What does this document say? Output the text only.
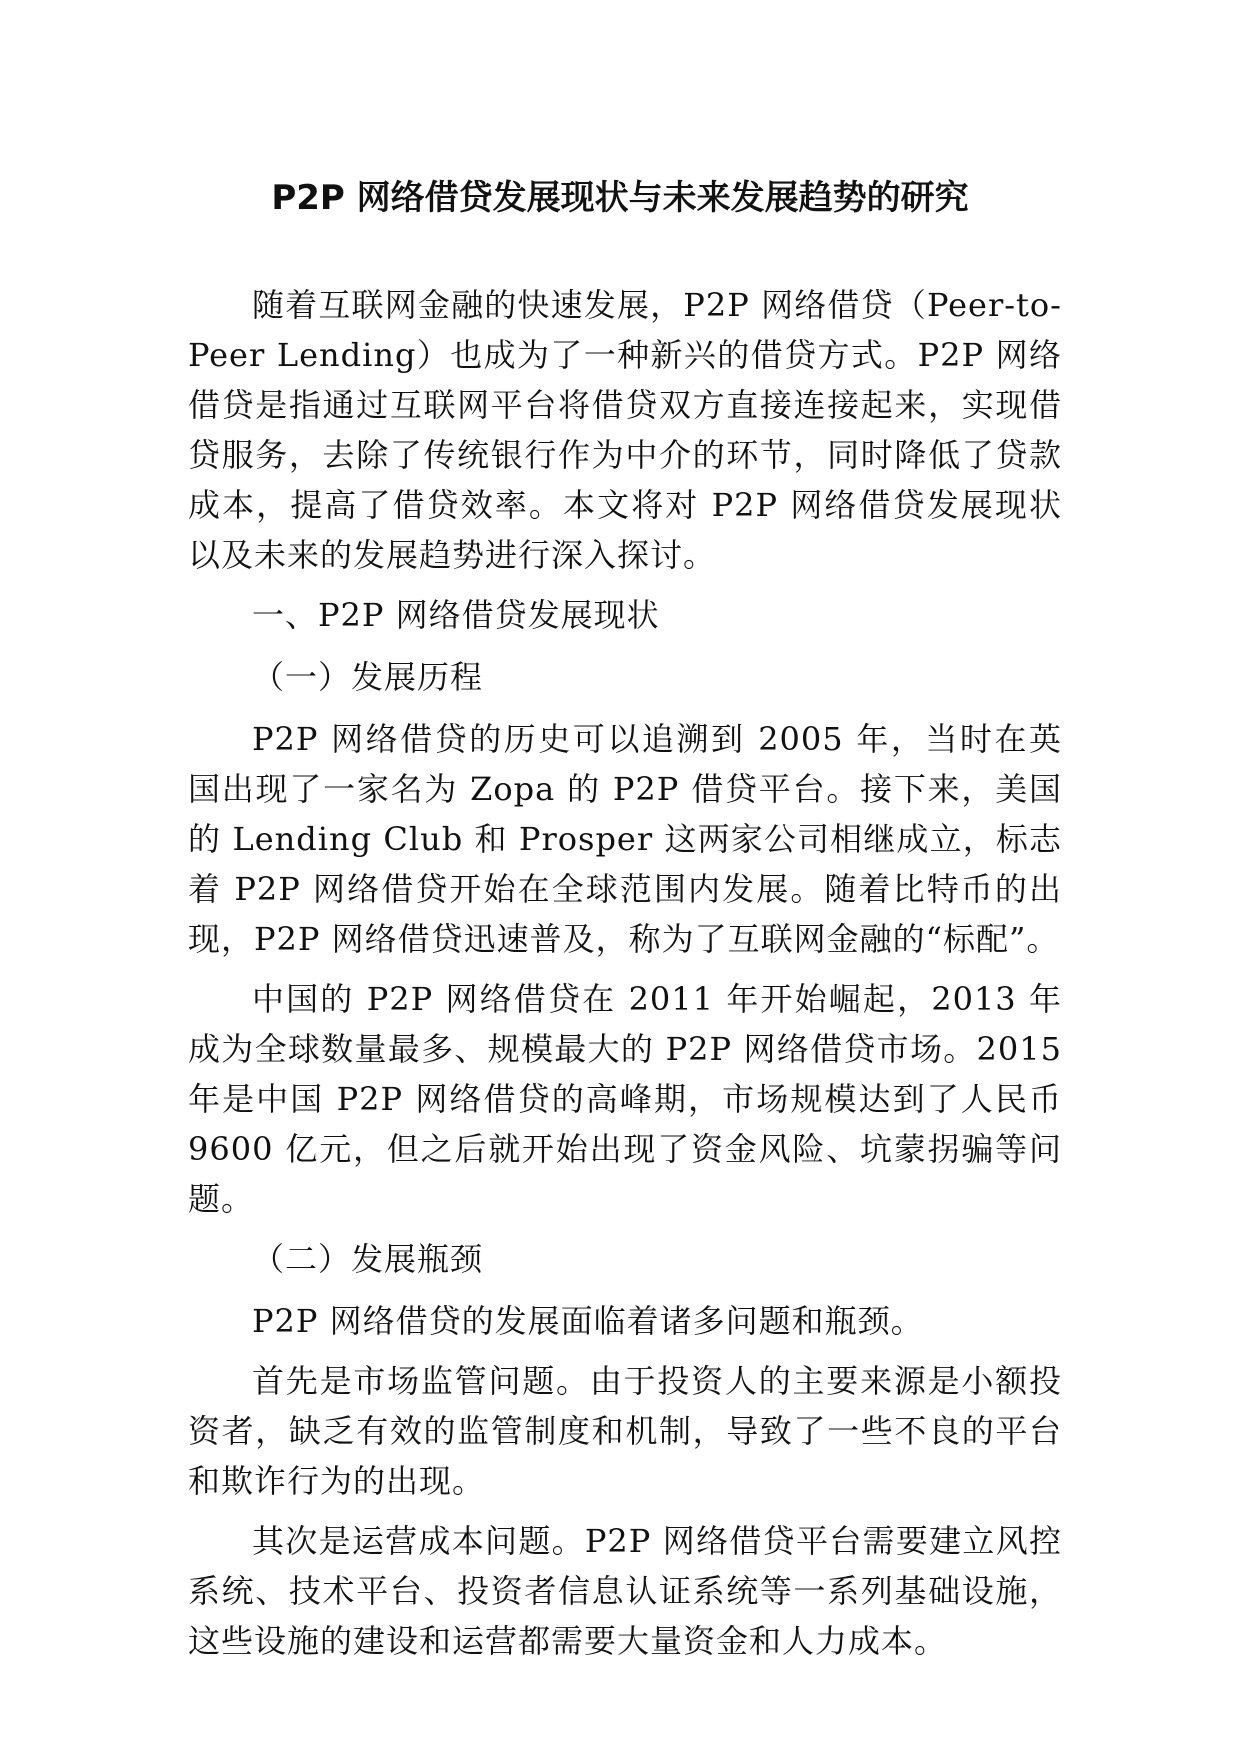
P2P 网络借贷发展现状与未来发展趋势的研究

随着互联网金融的快速发展，P2P 网络借贷（Peer-to-Peer Lending）也成为了一种新兴的借贷方式。P2P 网络借贷是指通过互联网平台将借贷双方直接连接起来，实现借贷服务，去除了传统银行作为中介的环节，同时降低了贷款成本，提高了借贷效率。本文将对 P2P 网络借贷发展现状以及未来的发展趋势进行深入探讨。

一、P2P 网络借贷发展现状

（一）发展历程

P2P 网络借贷的历史可以追溯到 2005 年，当时在英国出现了一家名为 Zopa 的 P2P 借贷平台。接下来，美国的 Lending Club 和 Prosper 这两家公司相继成立，标志着 P2P 网络借贷开始在全球范围内发展。随着比特币的出现，P2P 网络借贷迅速普及，称为了互联网金融的“标配”。

中国的 P2P 网络借贷在 2011 年开始崛起，2013 年成为全球数量最多、规模最大的 P2P 网络借贷市场。2015 年是中国 P2P 网络借贷的高峰期，市场规模达到了人民币 9600 亿元，但之后就开始出现了资金风险、坑蒙拐骗等问题。

（二）发展瓶颈

P2P 网络借贷的发展面临着诸多问题和瓶颈。

首先是市场监管问题。由于投资人的主要来源是小额投资者，缺乏有效的监管制度和机制，导致了一些不良的平台和欺诈行为的出现。

其次是运营成本问题。P2P 网络借贷平台需要建立风控系统、技术平台、投资者信息认证系统等一系列基础设施，这些设施的建设和运营都需要大量资金和人力成本。
